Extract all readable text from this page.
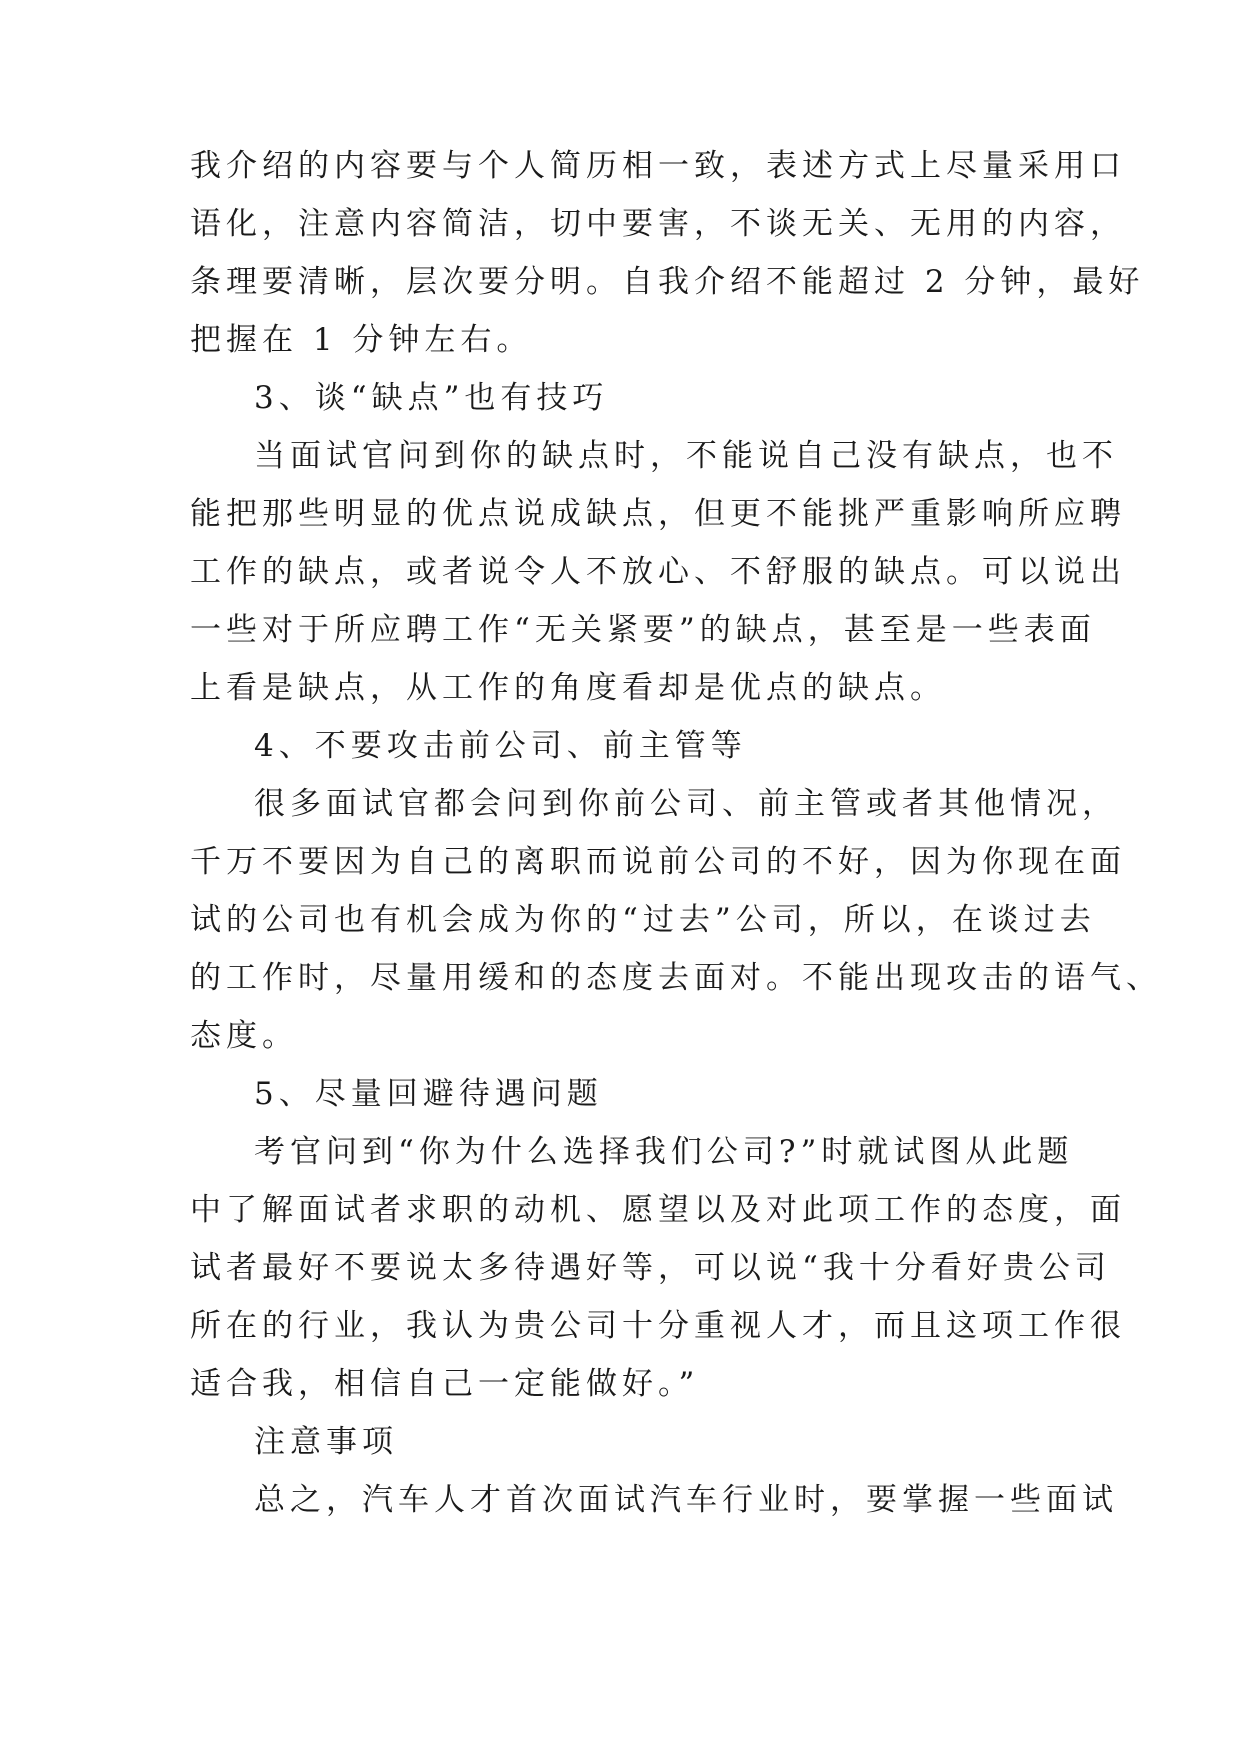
我介绍的内容要与个人简历相一致，表述方式上尽量采用口
语化，注意内容简洁，切中要害，不谈无关、无用的内容，
条理要清晰，层次要分明。自我介绍不能超过 2 分钟，最好
把握在 1 分钟左右。
3、谈“缺点”也有技巧
当面试官问到你的缺点时，不能说自己没有缺点，也不
能把那些明显的优点说成缺点，但更不能挑严重影响所应聘
工作的缺点，或者说令人不放心、不舒服的缺点。可以说出
一些对于所应聘工作“无关紧要”的缺点，甚至是一些表面
上看是缺点，从工作的角度看却是优点的缺点。
4、不要攻击前公司、前主管等
很多面试官都会问到你前公司、前主管或者其他情况，
千万不要因为自己的离职而说前公司的不好，因为你现在面
试的公司也有机会成为你的“过去”公司，所以，在谈过去
的工作时，尽量用缓和的态度去面对。不能出现攻击的语气、
态度。
5、尽量回避待遇问题
考官问到“你为什么选择我们公司?”时就试图从此题
中了解面试者求职的动机、愿望以及对此项工作的态度，面
试者最好不要说太多待遇好等，可以说“我十分看好贵公司
所在的行业，我认为贵公司十分重视人才，而且这项工作很
适合我，相信自己一定能做好。”
注意事项
总之，汽车人才首次面试汽车行业时，要掌握一些面试
